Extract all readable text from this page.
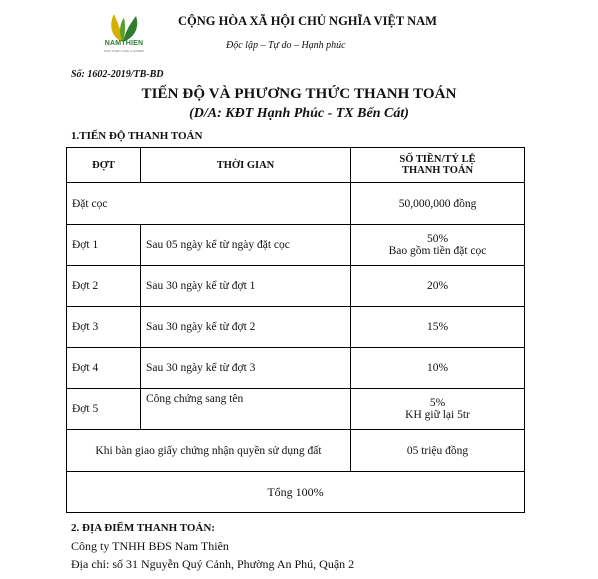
NAMTHIEN
NAM THIEN LAND & HOMES
CỘNG HÒA XÃ HỘI CHỦ NGHĨA VIỆT NAM
Độc lập – Tự do – Hạnh phúc
Số: 1602-2019/TB-BD
TIẾN ĐỘ VÀ PHƯƠNG THỨC THANH TOÁN
(D/A: KĐT Hạnh Phúc - TX Bến Cát)
1.TIẾN ĐỘ THANH TOÁN
ĐỢT	THỜI GIAN	SỐ TIỀN/TỶ LỆ
THANH TOÁN

Đặt cọc		50,000,000 đồng
Đợt 1	Sau 05 ngày kể từ ngày đặt cọc	50%
Bao gồm tiền đặt cọc

Đợt 2	Sau 30 ngày kể từ đợt 1	20%
Đợt 3	Sau 30 ngày kể từ đợt 2	15%
Đợt 4	Sau 30 ngày kể từ đợt 3	10%
Đợt 5	Công chứng sang tên	5%
KH giữ lại 5tr

Khi bàn giao giấy chứng nhận quyền sử dụng đất		05 triệu đồng
Tổng 100%		
2. ĐỊA ĐIỂM THANH TOÁN:
Công ty TNHH BĐS Nam Thiên
Địa chỉ: số 31 Nguyễn Quý Cảnh, Phường An Phú, Quận 2
